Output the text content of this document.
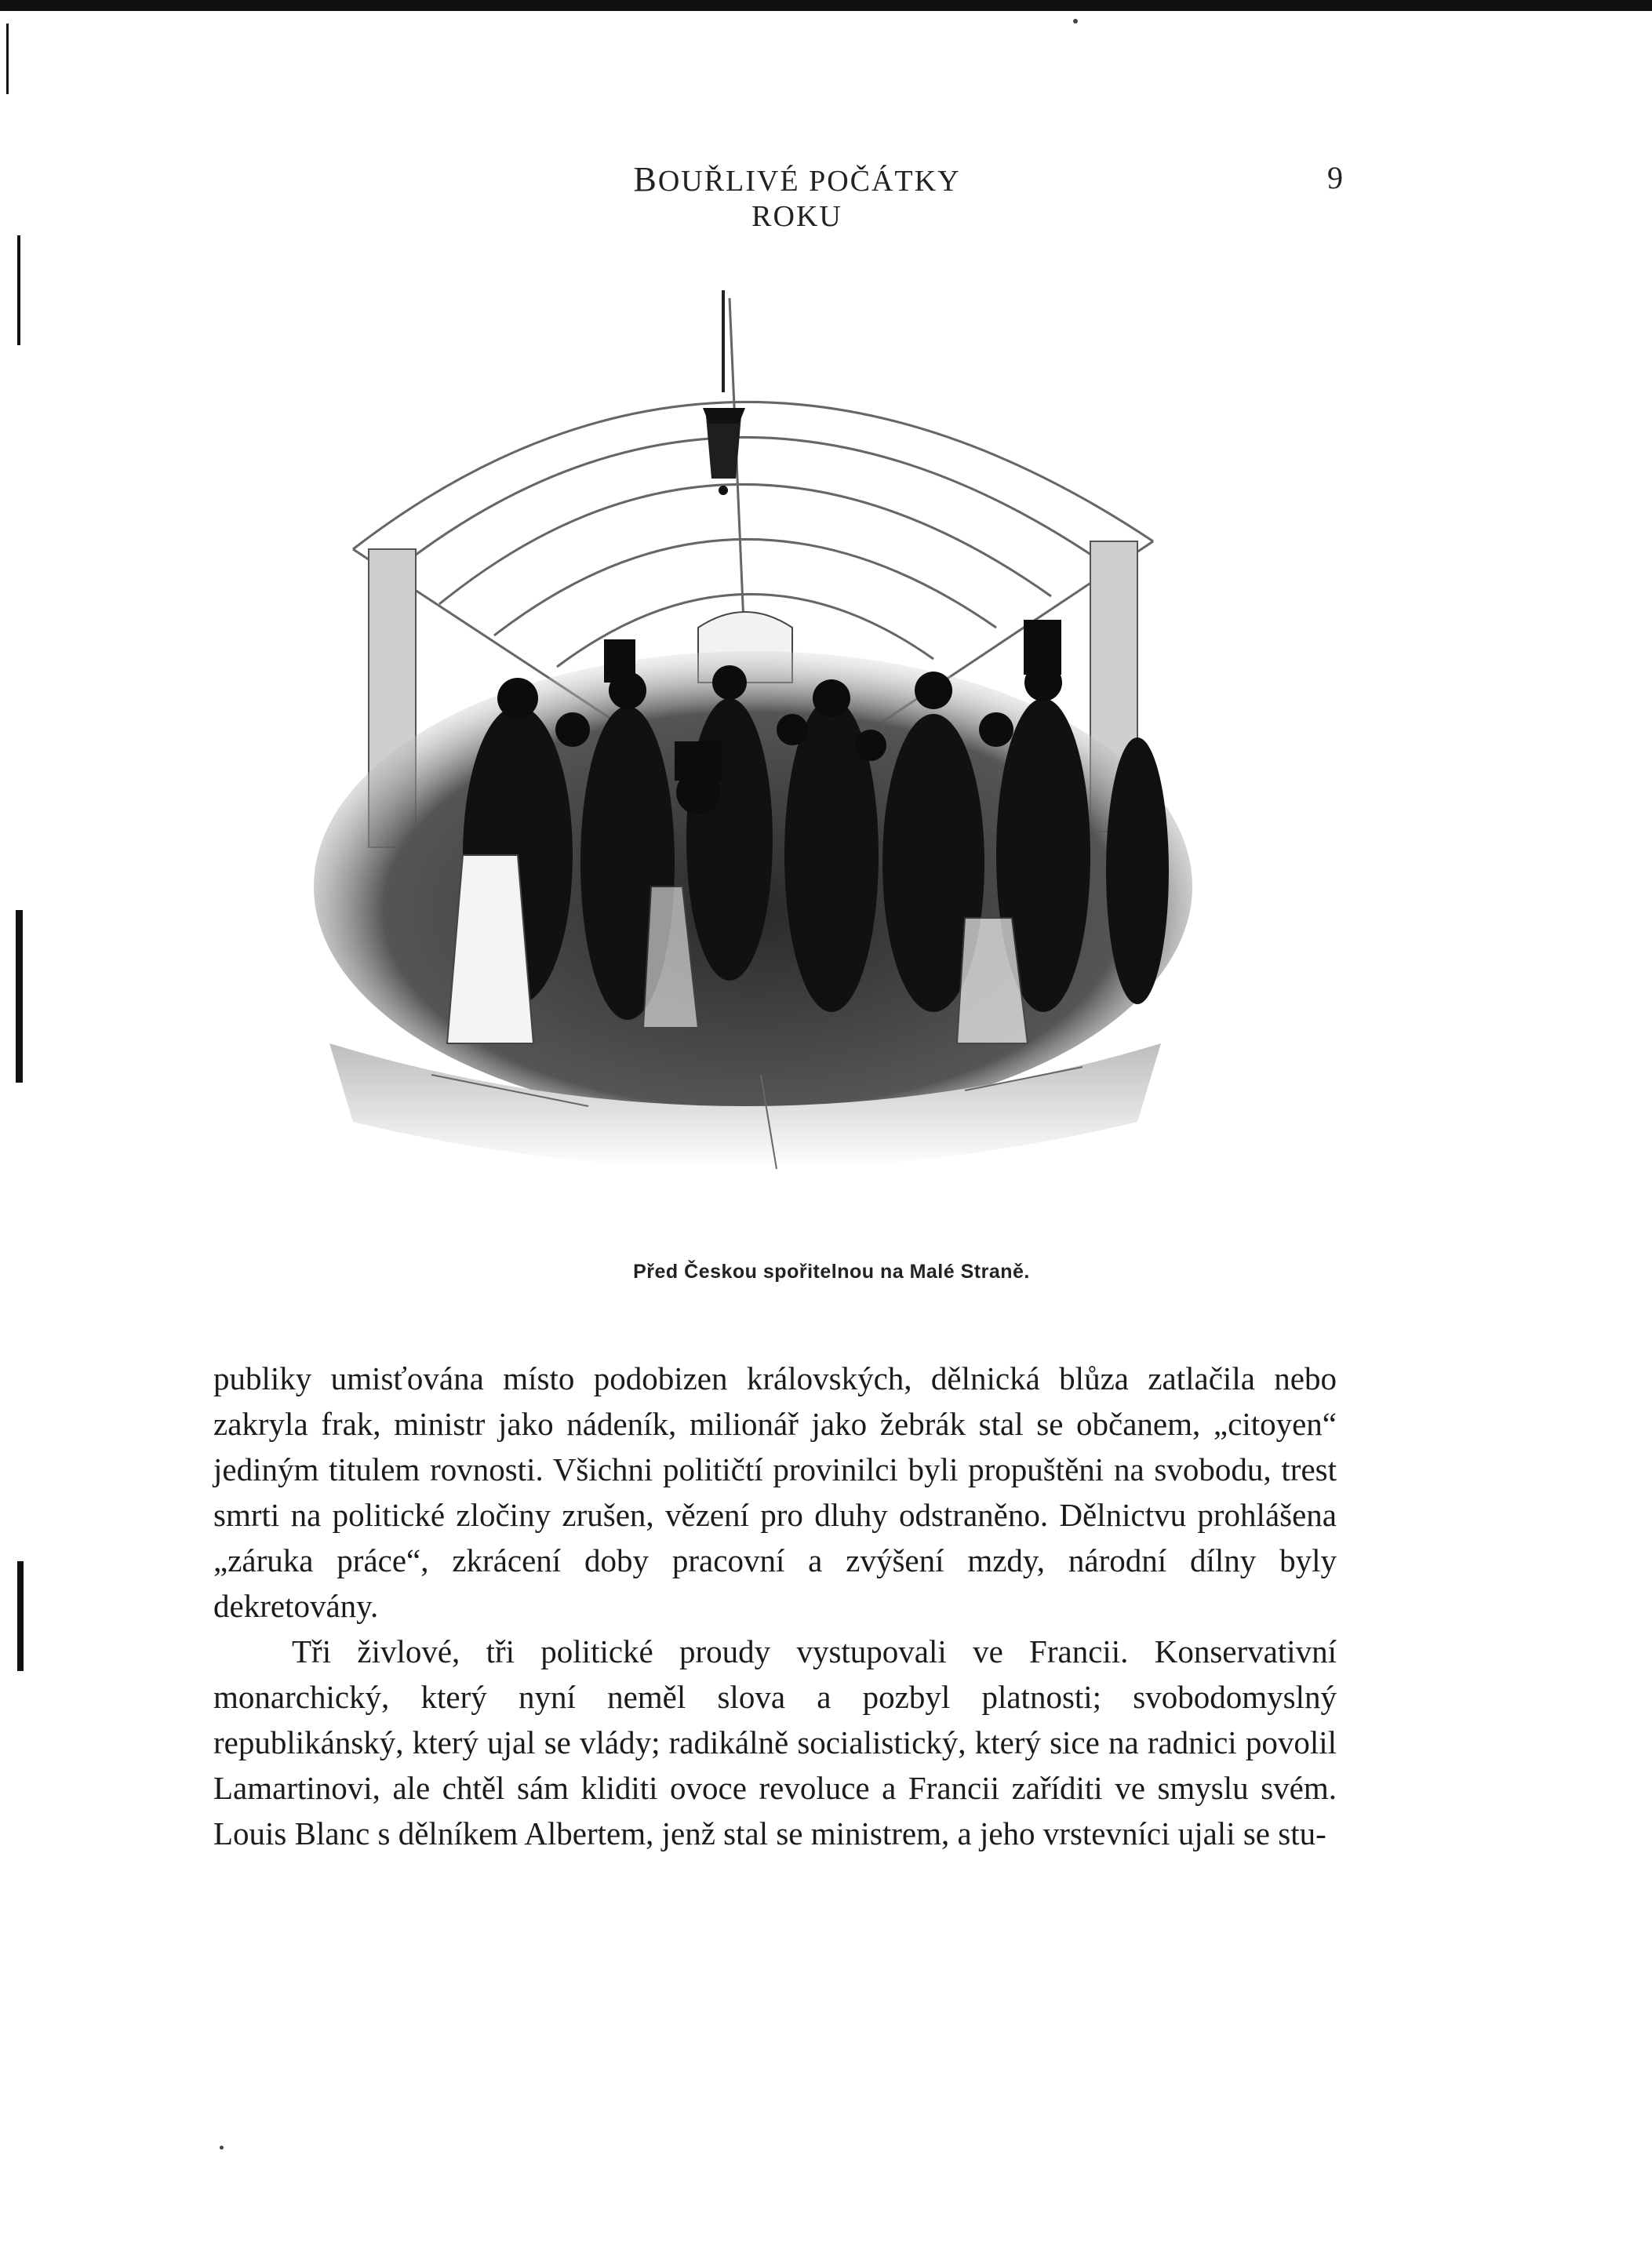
BOUŘLIVÉ POČÁTKY ROKU
9
Před Českou spořitelnou na Malé Straně.

publiky umisťována místo podobizen královských, dělnická blůza zatlačila nebo zakryla frak, ministr jako nádeník, milionář jako žebrák stal se občanem, „citoyen“ jediným titulem rovnosti. Všichni političtí provinilci byli propuštěni na svobodu, trest smrti na politické zločiny zrušen, vězení pro dluhy odstraněno. Dělnictvu prohlášena „záruka práce“, zkrácení doby pracovní a zvýšení mzdy, národní dílny byly dekretovány.

Tři živlové, tři politické proudy vystupovali ve Francii. Konservativní monarchický, který nyní neměl slova a pozbyl platnosti; svobodomyslný republikánský, který ujal se vlády; radikálně socialistický, který sice na radnici povolil Lamartinovi, ale chtěl sám kliditi ovoce revoluce a Francii zaříditi ve smyslu svém. Louis Blanc s dělníkem Albertem, jenž stal se ministrem, a jeho vrstevníci ujali se stu-
